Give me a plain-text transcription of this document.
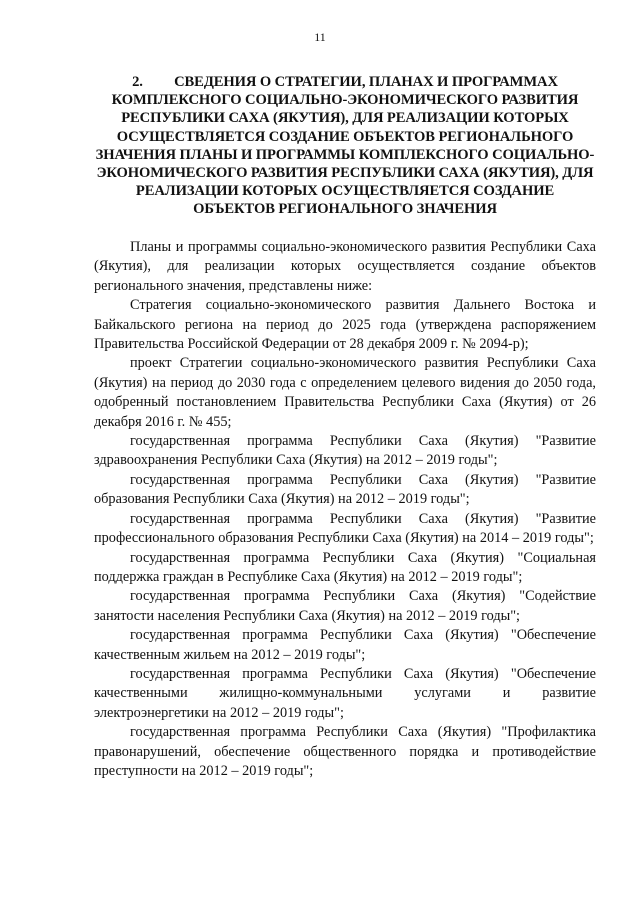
11
2. СВЕДЕНИЯ О СТРАТЕГИИ, ПЛАНАХ И ПРОГРАММАХ КОМПЛЕКСНОГО СОЦИАЛЬНО-ЭКОНОМИЧЕСКОГО РАЗВИТИЯ РЕСПУБЛИКИ САХА (ЯКУТИЯ), ДЛЯ РЕАЛИЗАЦИИ КОТОРЫХ ОСУЩЕСТВЛЯЕТСЯ СОЗДАНИЕ ОБЪЕКТОВ РЕГИОНАЛЬНОГО ЗНАЧЕНИЯ ПЛАНЫ И ПРОГРАММЫ КОМПЛЕКСНОГО СОЦИАЛЬНО-ЭКОНОМИЧЕСКОГО РАЗВИТИЯ РЕСПУБЛИКИ САХА (ЯКУТИЯ), ДЛЯ РЕАЛИЗАЦИИ КОТОРЫХ ОСУЩЕСТВЛЯЕТСЯ СОЗДАНИЕ ОБЪЕКТОВ РЕГИОНАЛЬНОГО ЗНАЧЕНИЯ

Планы и программы социально-экономического развития Республики Саха (Якутия), для реализации которых осуществляется создание объектов регионального значения, представлены ниже:

Стратегия социально-экономического развития Дальнего Востока и Байкальского региона на период до 2025 года (утверждена распоряжением Правительства Российской Федерации от 28 декабря 2009 г. № 2094-р);

проект Стратегии социально-экономического развития Республики Саха (Якутия) на период до 2030 года с определением целевого видения до 2050 года, одобренный постановлением Правительства Республики Саха (Якутия) от 26 декабря 2016 г. № 455;

государственная программа Республики Саха (Якутия) "Развитие здравоохранения Республики Саха (Якутия) на 2012 – 2019 годы";

государственная программа Республики Саха (Якутия) "Развитие образования Республики Саха (Якутия) на 2012 – 2019 годы";

государственная программа Республики Саха (Якутия) "Развитие профессионального образования Республики Саха (Якутия) на 2014 – 2019 годы";

государственная программа Республики Саха (Якутия) "Социальная поддержка граждан в Республике Саха (Якутия) на 2012 – 2019 годы";

государственная программа Республики Саха (Якутия) "Содействие занятости населения Республики Саха (Якутия) на 2012 – 2019 годы";

государственная программа Республики Саха (Якутия) "Обеспечение качественным жильем на 2012 – 2019 годы";

государственная программа Республики Саха (Якутия) "Обеспечение качественными жилищно-коммунальными услугами и развитие электроэнергетики на 2012 – 2019 годы";

государственная программа Республики Саха (Якутия) "Профилактика правонарушений, обеспечение общественного порядка и противодействие преступности на 2012 – 2019 годы";
